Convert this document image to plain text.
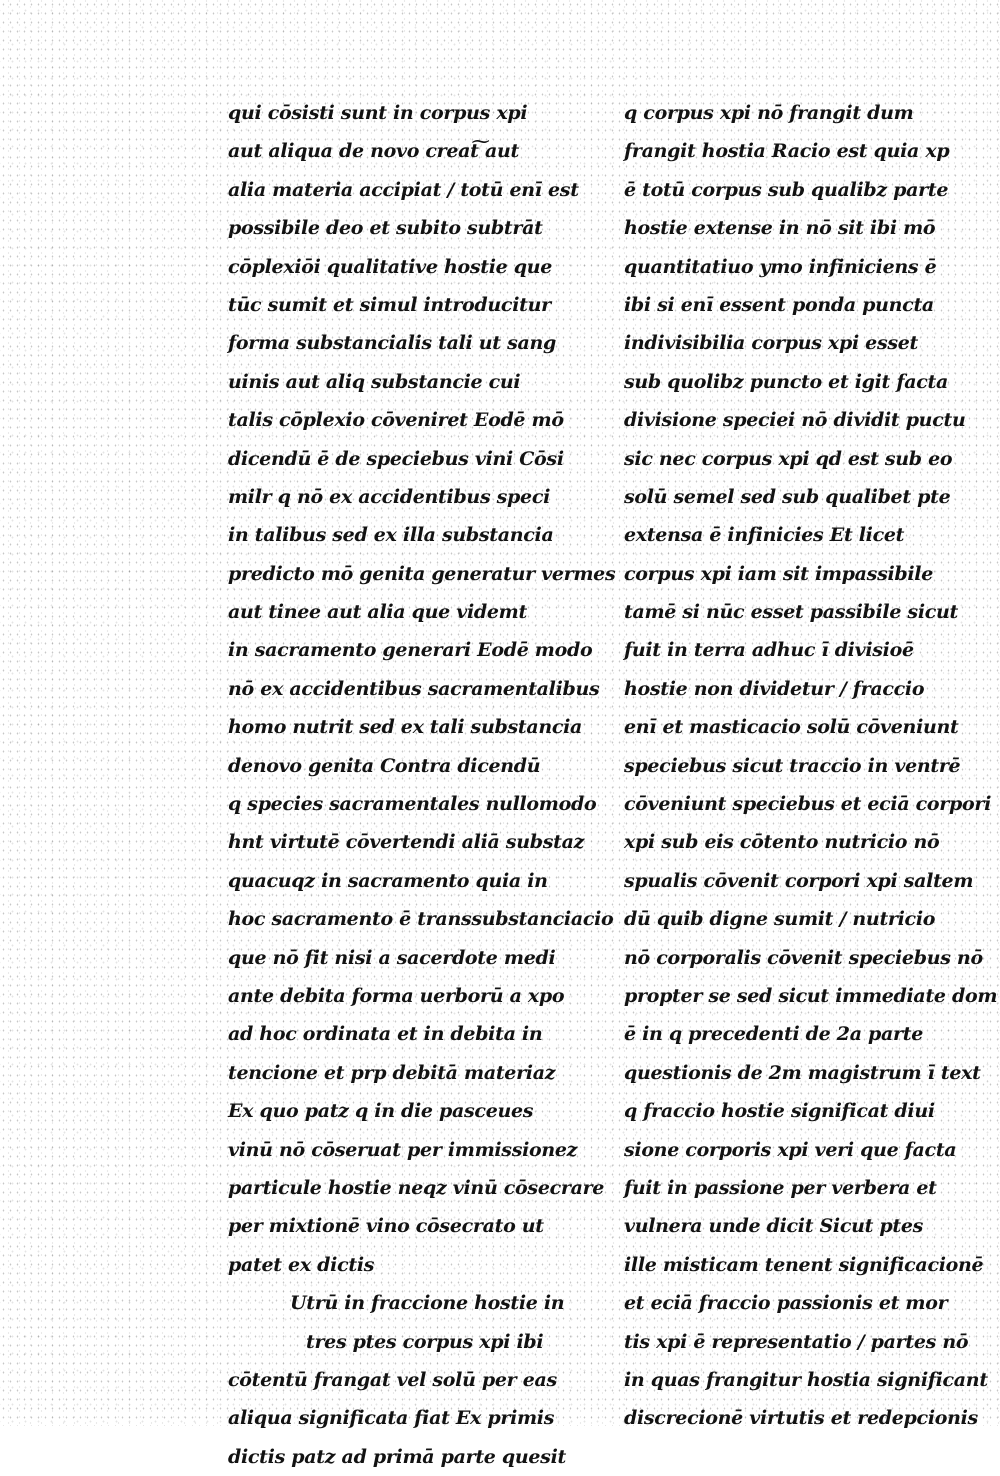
qui cōsisti sunt in corpus xpi
aut aliqua de novo creat͠ aut
alia materia accipiat / totū enī est
possibile deo et subito subtrāt
cōplexiōi qualitative hostie que
tūc sumit et simul introducitur
forma substancialis tali ut sang
uinis aut aliq substancie cui
talis cōplexio cōveniret Eodē mō
dicendū ē de speciebus vini Cōsi
milr q nō ex accidentibus speci
in talibus sed ex illa substancia
predicto mō genita generatur vermes
aut tinee aut alia que videmt
in sacramento generari Eodē modo
nō ex accidentibus sacramentalibus
homo nutrit sed ex tali substancia
denovo genita Contra dicendū
q species sacramentales nullomodo
hnt virtutē cōvertendi aliā substaz
quacuqz in sacramento quia in
hoc sacramento ē transsubstanciacio
que nō fit nisi a sacerdote medi
ante debita forma uerborū a xpo
ad hoc ordinata et in debita in
tencione et prp debitā materiaz
Ex quo patz q in die pasceues
vinū nō cōseruat per immissionez
particule hostie neqz vinū cōsecrare
per mixtionē vino cōsecrato ut
patet ex dictis
Utrū in fraccione hostie in
tres ptes corpus xpi ibi
cōtentū frangat vel solū per eas
aliqua significata fiat Ex primis
dictis patz ad primā parte quesit
q corpus xpi nō frangit dum
frangit hostia Racio est quia xp
ē totū corpus sub qualibz parte
hostie extense in nō sit ibi mō
quantitatiuo ymo infiniciens ē
ibi si enī essent ponda puncta
indivisibilia corpus xpi esset
sub quolibz puncto et igit facta
divisione speciei nō dividit puctu
sic nec corpus xpi qd est sub eo
solū semel sed sub qualibet pte
extensa ē infinicies Et licet
corpus xpi iam sit impassibile
tamē si nūc esset passibile sicut
fuit in terra adhuc ī divisioē
hostie non dividetur / fraccio
enī et masticacio solū cōveniunt
speciebus sicut traccio in ventrē
cōveniunt speciebus et eciā corpori
xpi sub eis cōtento nutricio nō
spualis cōvenit corpori xpi saltem
dū quib digne sumit / nutricio
nō corporalis cōvenit speciebus nō
propter se sed sicut immediate dom
ē in q precedenti de 2a parte
questionis de 2m magistrum ī text
q fraccio hostie significat diui
sione corporis xpi veri que facta
fuit in passione per verbera et
vulnera unde dicit Sicut ptes
ille misticam tenent significacionē
et eciā fraccio passionis et mor
tis xpi ē representatio / partes nō
in quas frangitur hostia significant
discrecionē virtutis et redepcionis
